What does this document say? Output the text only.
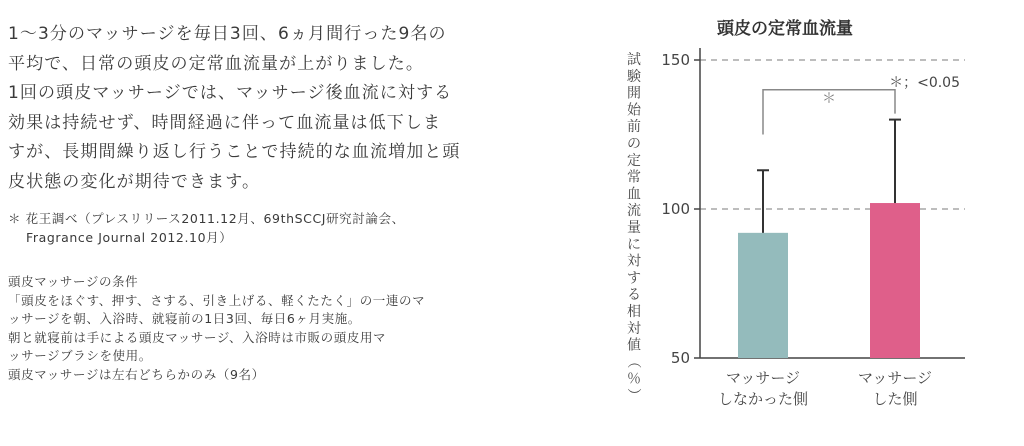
1〜3分のマッサージを毎日3回、6ヵ月間行った9名の
平均で、日常の頭皮の定常血流量が上がりました。
1回の頭皮マッサージでは、マッサージ後血流に対する
効果は持続せず、時間経過に伴って血流量は低下しま
すが、長期間繰り返し行うことで持続的な血流増加と頭
皮状態の変化が期待できます。
＊ 花王調べ（プレスリリース2011.12月、69thSCCJ研究討論会、
Fragrance Journal 2012.10月）
頭皮マッサージの条件
「頭皮をほぐす、押す、さする、引き上げる、軽くたたく」の一連のマ
ッサージを朝、入浴時、就寝前の1日3回、毎日6ヶ月実施。
朝と就寝前は手による頭皮マッサージ、入浴時は市販の頭皮用マ
ッサージブラシを使用。
頭皮マッサージは左右どちらかのみ（9名）
頭皮の定常血流量
試
験
開
始
前
の
定
常
血
流
量
に
対
す
る
相
対
値
（
％
）
50
100
150
マッサージ
しなかった側
マッサージ
した側
＊
＊；<0.05
